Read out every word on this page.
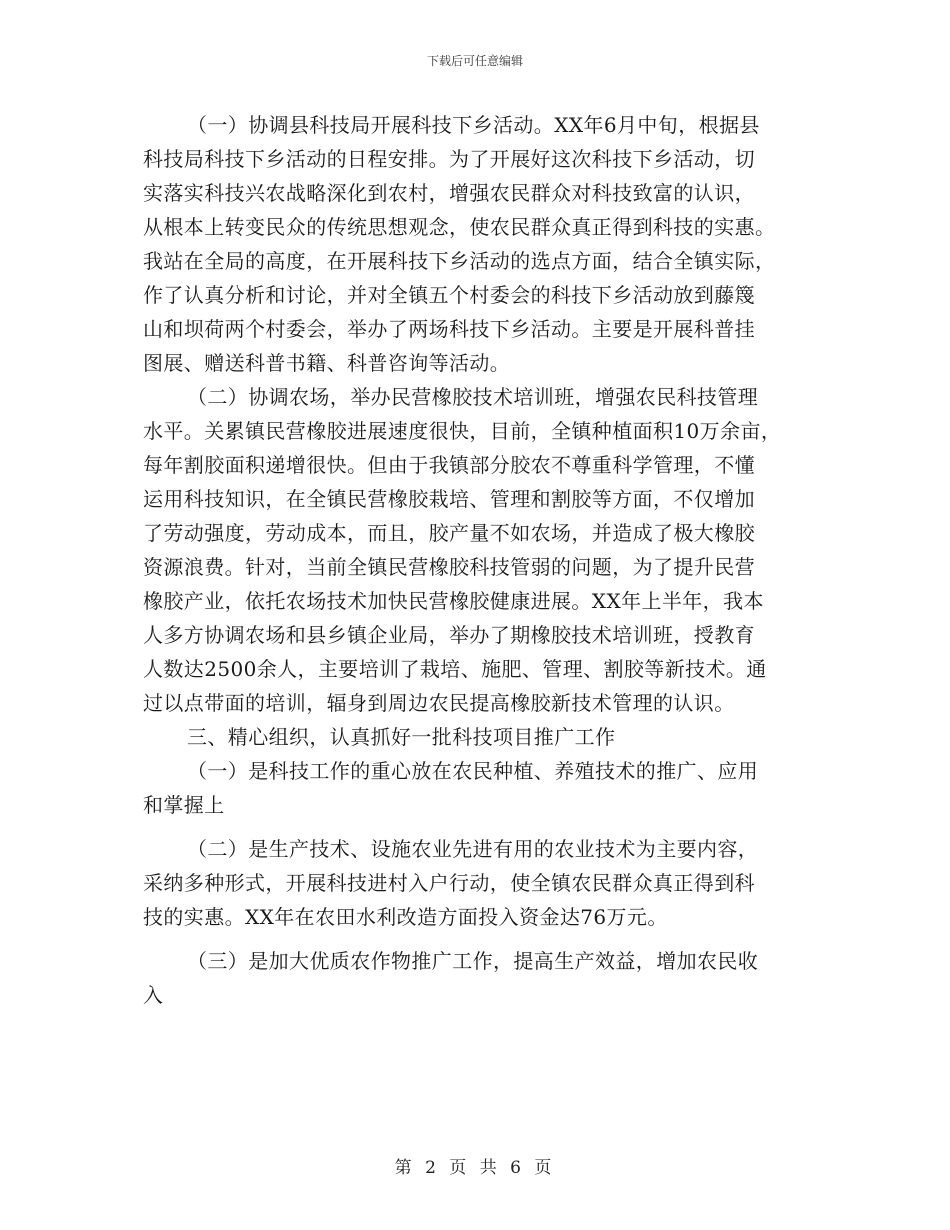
下载后可任意编辑
（一）协调县科技局开展科技下乡活动。XX年6月中旬，根据县
科技局科技下乡活动的日程安排。为了开展好这次科技下乡活动，切
实落实科技兴农战略深化到农村，增强农民群众对科技致富的认识，
从根本上转变民众的传统思想观念，使农民群众真正得到科技的实惠。
我站在全局的高度，在开展科技下乡活动的选点方面，结合全镇实际，
作了认真分析和讨论，并对全镇五个村委会的科技下乡活动放到藤篾
山和坝荷两个村委会，举办了两场科技下乡活动。主要是开展科普挂
图展、赠送科普书籍、科普咨询等活动。
（二）协调农场，举办民营橡胶技术培训班，增强农民科技管理
水平。关累镇民营橡胶进展速度很快，目前，全镇种植面积10万余亩，
每年割胶面积递增很快。但由于我镇部分胶农不尊重科学管理，不懂
运用科技知识，在全镇民营橡胶栽培、管理和割胶等方面，不仅增加
了劳动强度，劳动成本，而且，胶产量不如农场，并造成了极大橡胶
资源浪费。针对，当前全镇民营橡胶科技管弱的问题，为了提升民营
橡胶产业，依托农场技术加快民营橡胶健康进展。XX年上半年，我本
人多方协调农场和县乡镇企业局，举办了期橡胶技术培训班，授教育
人数达2500余人，主要培训了栽培、施肥、管理、割胶等新技术。通
过以点带面的培训，辐身到周边农民提高橡胶新技术管理的认识。
三、精心组织，认真抓好一批科技项目推广工作
（一）是科技工作的重心放在农民种植、养殖技术的推广、应用
和掌握上
（二）是生产技术、设施农业先进有用的农业技术为主要内容，
采纳多种形式，开展科技进村入户行动，使全镇农民群众真正得到科
技的实惠。XX年在农田水利改造方面投入资金达76万元。
（三）是加大优质农作物推广工作，提高生产效益，增加农民收
入
第 2 页 共 6 页
